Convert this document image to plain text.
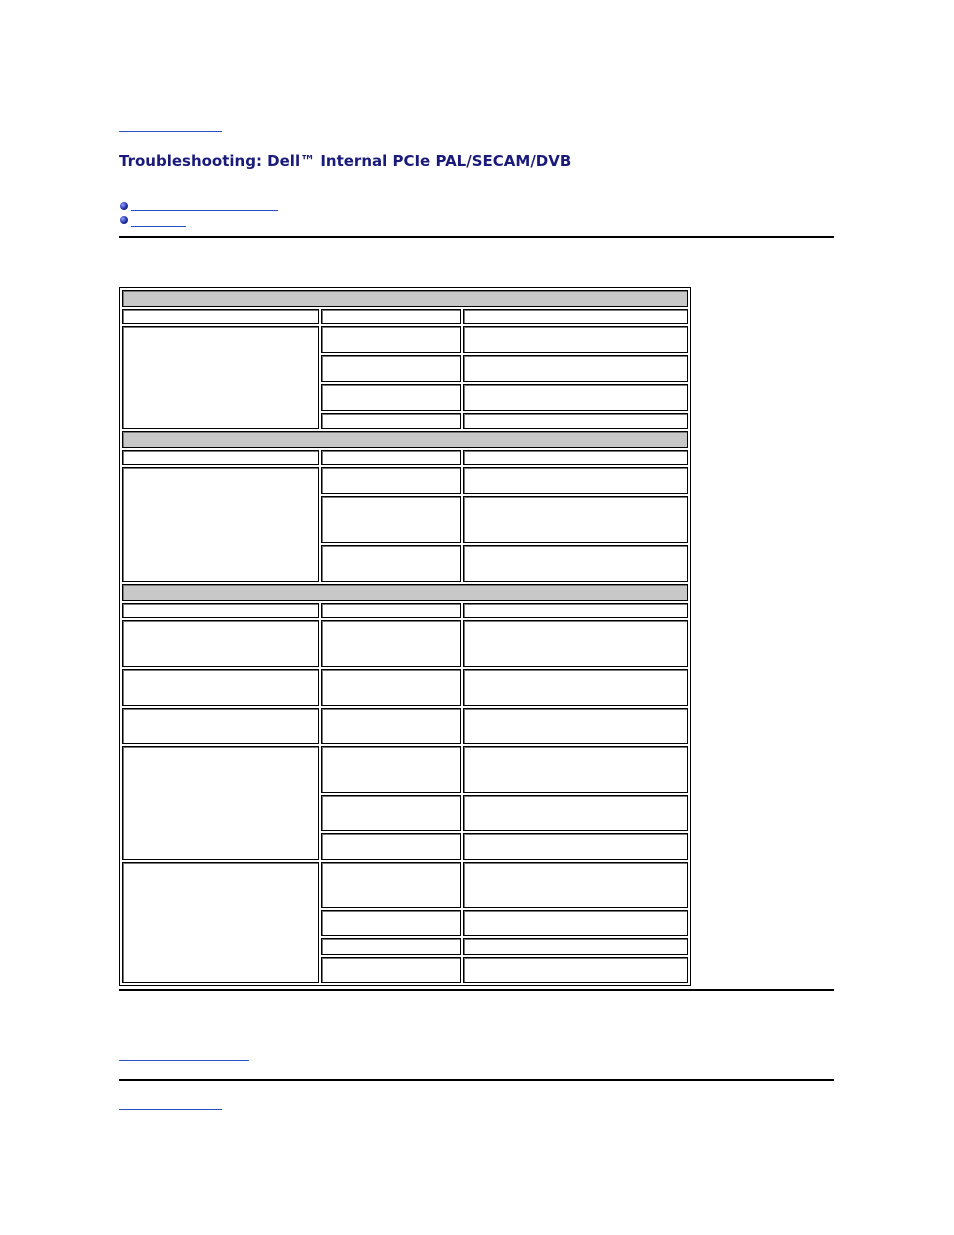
Troubleshooting: Dell™ Internal PCIe PAL/SECAM/DVB
